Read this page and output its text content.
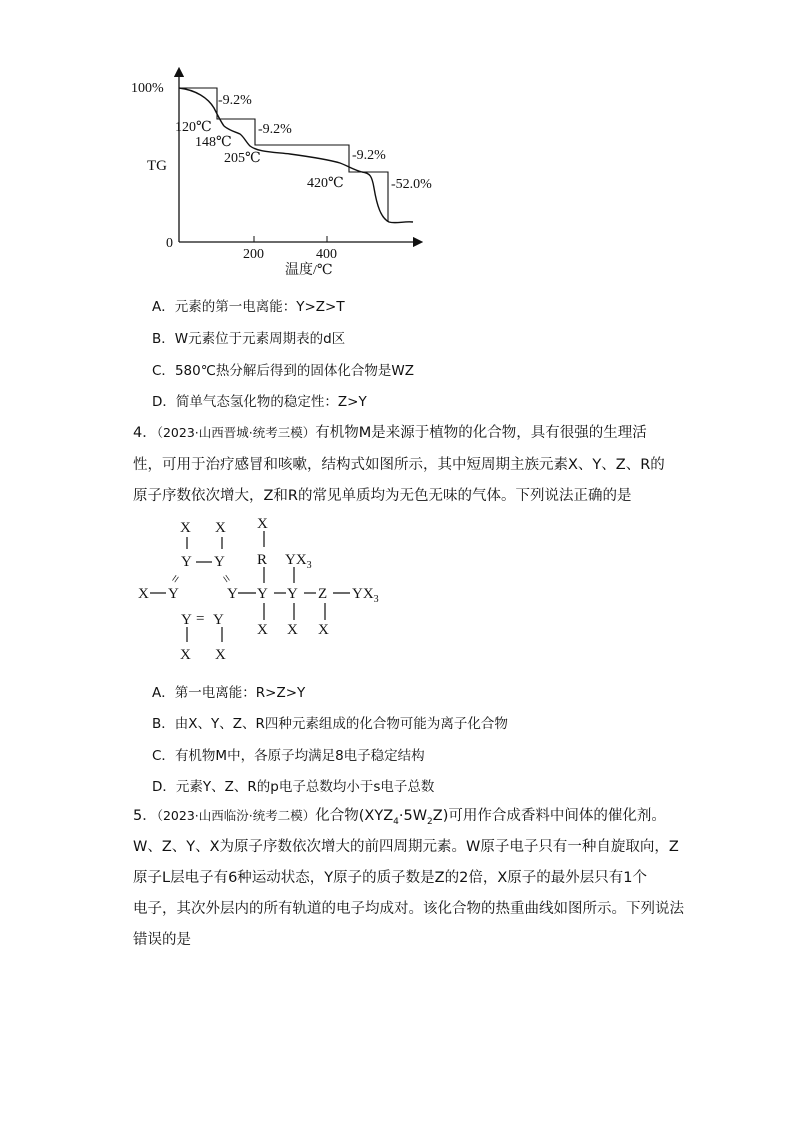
100%
0
TG
200	400
温度/℃
120℃
148℃
205℃
420℃
-9.2%
-9.2%
-9.2%
-52.0%
A．元素的第一电离能：Y>Z>T
B．W元素位于元素周期表的d区
C．580℃热分解后得到的固体化合物是WZ
D．简单气态氢化物的稳定性：Z>Y
4．（2023·山西晋城·统考三模）有机物M是来源于植物的化合物，具有很强的生理活
性，可用于治疗感冒和咳嗽，结构式如图所示，其中短周期主族元素X、Y、Z、R的
原子序数依次增大，Z和R的常见单质均为无色无味的气体。下列说法正确的是
X X
Y Y
= =
X Y	Y
Y = Y
X X
X
R
Y
X
$YX_3$
Y
X
Z
X
$YX_3$
A．第一电离能：R>Z>Y
B．由X、Y、Z、R四种元素组成的化合物可能为离子化合物
C．有机物M中，各原子均满足8电子稳定结构
D．元素Y、Z、R的p电子总数均小于s电子总数
5．（2023·山西临汾·统考二模）化合物$(XYZ_4\cdot 5W_2Z)$可用作合成香料中间体的催化剂。
W、Z、Y、X为原子序数依次增大的前四周期元素。W原子电子只有一种自旋取向，Z
原子L层电子有6种运动状态，Y原子的质子数是Z的2倍，X原子的最外层只有1个
电子，其次外层内的所有轨道的电子均成对。该化合物的热重曲线如图所示。下列说法
错误的是
